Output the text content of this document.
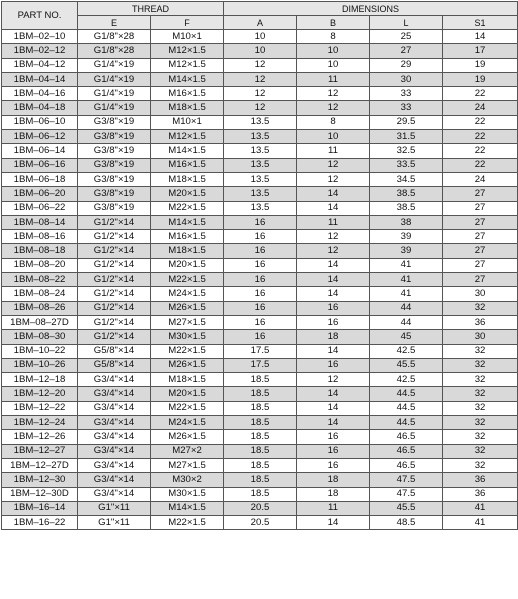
PART NO.	THREAD		DIMENSIONS			
	E	F	A	B	L	S1
1BM–02–10	G1/8"×28	M10×1	10	8	25	14
1BM–02–12	G1/8"×28	M12×1.5	10	10	27	17
1BM–04–12	G1/4"×19	M12×1.5	12	10	29	19
1BM–04–14	G1/4"×19	M14×1.5	12	11	30	19
1BM–04–16	G1/4"×19	M16×1.5	12	12	33	22
1BM–04–18	G1/4"×19	M18×1.5	12	12	33	24
1BM–06–10	G3/8"×19	M10×1	13.5	8	29.5	22
1BM–06–12	G3/8"×19	M12×1.5	13.5	10	31.5	22
1BM–06–14	G3/8"×19	M14×1.5	13.5	11	32.5	22
1BM–06–16	G3/8"×19	M16×1.5	13.5	12	33.5	22
1BM–06–18	G3/8"×19	M18×1.5	13.5	12	34.5	24
1BM–06–20	G3/8"×19	M20×1.5	13.5	14	38.5	27
1BM–06–22	G3/8"×19	M22×1.5	13.5	14	38.5	27
1BM–08–14	G1/2"×14	M14×1.5	16	11	38	27
1BM–08–16	G1/2"×14	M16×1.5	16	12	39	27
1BM–08–18	G1/2"×14	M18×1.5	16	12	39	27
1BM–08–20	G1/2"×14	M20×1.5	16	14	41	27
1BM–08–22	G1/2"×14	M22×1.5	16	14	41	27
1BM–08–24	G1/2"×14	M24×1.5	16	14	41	30
1BM–08–26	G1/2"×14	M26×1.5	16	16	44	32
1BM–08–27D	G1/2"×14	M27×1.5	16	16	44	36
1BM–08–30	G1/2"×14	M30×1.5	16	18	45	30
1BM–10–22	G5/8"×14	M22×1.5	17.5	14	42.5	32
1BM–10–26	G5/8"×14	M26×1.5	17.5	16	45.5	32
1BM–12–18	G3/4"×14	M18×1.5	18.5	12	42.5	32
1BM–12–20	G3/4"×14	M20×1.5	18.5	14	44.5	32
1BM–12–22	G3/4"×14	M22×1.5	18.5	14	44.5	32
1BM–12–24	G3/4"×14	M24×1.5	18.5	14	44.5	32
1BM–12–26	G3/4"×14	M26×1.5	18.5	16	46.5	32
1BM–12–27	G3/4"×14	M27×2	18.5	16	46.5	32
1BM–12–27D	G3/4"×14	M27×1.5	18.5	16	46.5	32
1BM–12–30	G3/4"×14	M30×2	18.5	18	47.5	36
1BM–12–30D	G3/4"×14	M30×1.5	18.5	18	47.5	36
1BM–16–14	G1"×11	M14×1.5	20.5	11	45.5	41
1BM–16–22	G1"×11	M22×1.5	20.5	14	48.5	41
